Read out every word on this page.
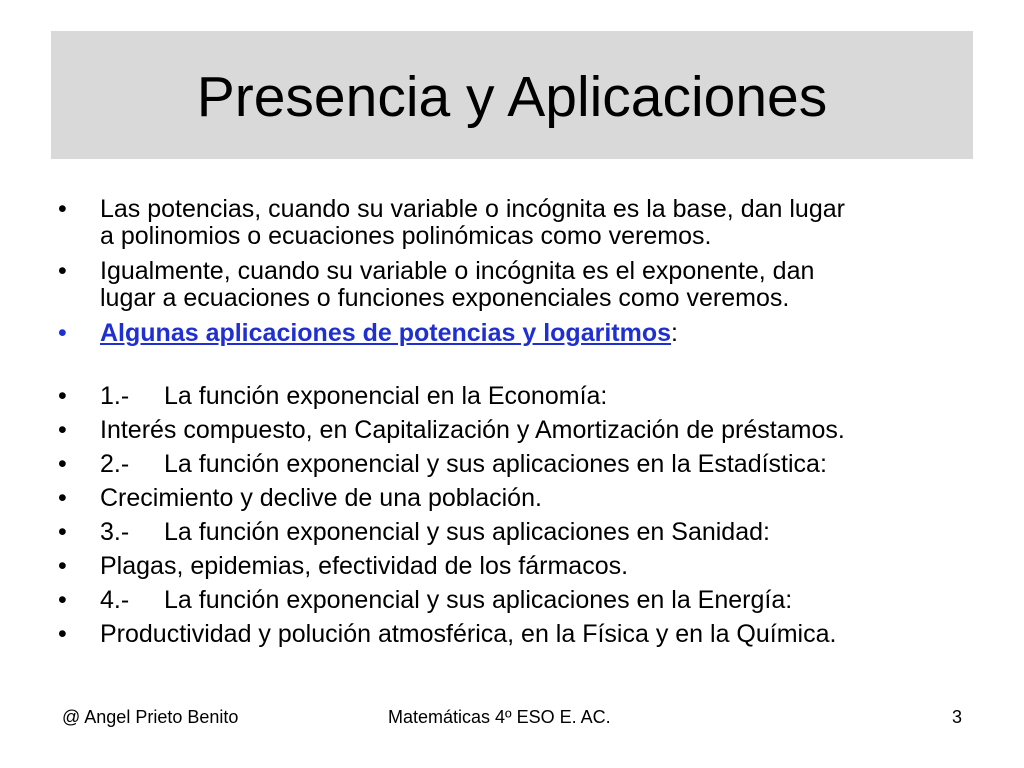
Presencia y Aplicaciones
• Las potencias, cuando su variable o incógnita es la base, dan lugar
a polinomios o ecuaciones polinómicas como veremos.
• Igualmente, cuando su variable o incógnita es el exponente, dan
lugar a ecuaciones o funciones exponenciales como veremos.
• Algunas aplicaciones de potencias y logaritmos:
• 1.- La función exponencial en la Economía:
• Interés compuesto, en Capitalización y Amortización de préstamos.
• 2.- La función exponencial y sus aplicaciones en la Estadística:
• Crecimiento y declive de una población.
• 3.- La función exponencial y sus aplicaciones en Sanidad:
• Plagas, epidemias, efectividad de los fármacos.
• 4.- La función exponencial y sus aplicaciones en la Energía:
• Productividad y polución atmosférica, en la Física y en la Química.
@ Angel Prieto Benito	Matemáticas 4º ESO E. AC.	3
